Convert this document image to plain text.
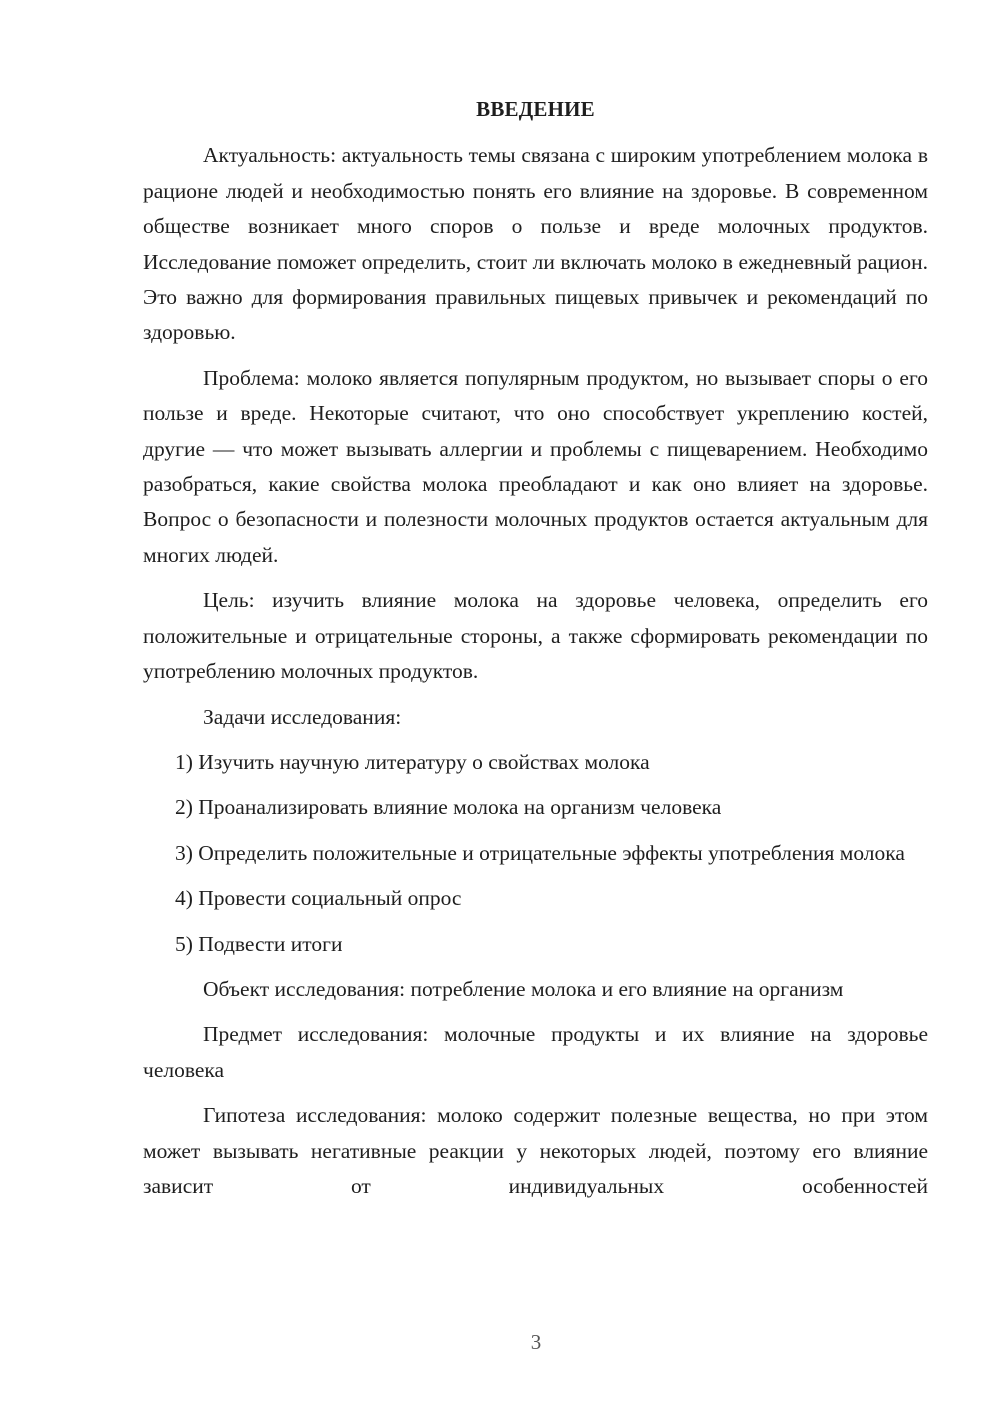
ВВЕДЕНИЕ

Актуальность: актуальность темы связана с широким употреблением молока в рационе людей и необходимостью понять его влияние на здоровье. В современном обществе возникает много споров о пользе и вреде молочных продуктов. Исследование поможет определить, стоит ли включать молоко в ежедневный рацион. Это важно для формирования правильных пищевых привычек и рекомендаций по здоровью.

Проблема: молоко является популярным продуктом, но вызывает споры о его пользе и вреде. Некоторые считают, что оно способствует укреплению костей, другие — что может вызывать аллергии и проблемы с пищеварением. Необходимо разобраться, какие свойства молока преобладают и как оно влияет на здоровье. Вопрос о безопасности и полезности молочных продуктов остается актуальным для многих людей.

Цель: изучить влияние молока на здоровье человека, определить его положительные и отрицательные стороны, а также сформировать рекомендации по употреблению молочных продуктов.

Задачи исследования:

1) Изучить научную литературу о свойствах молока

2) Проанализировать влияние молока на организм человека

3) Определить положительные и отрицательные эффекты употребления молока

4) Провести социальный опрос

5) Подвести итоги

Объект исследования: потребление молока и его влияние на организм

Предмет исследования: молочные продукты и их влияние на здоровье человека

Гипотеза исследования: молоко содержит полезные вещества, но при этом может вызывать негативные реакции у некоторых людей, поэтому его влияние зависит от индивидуальных особенностей

3
